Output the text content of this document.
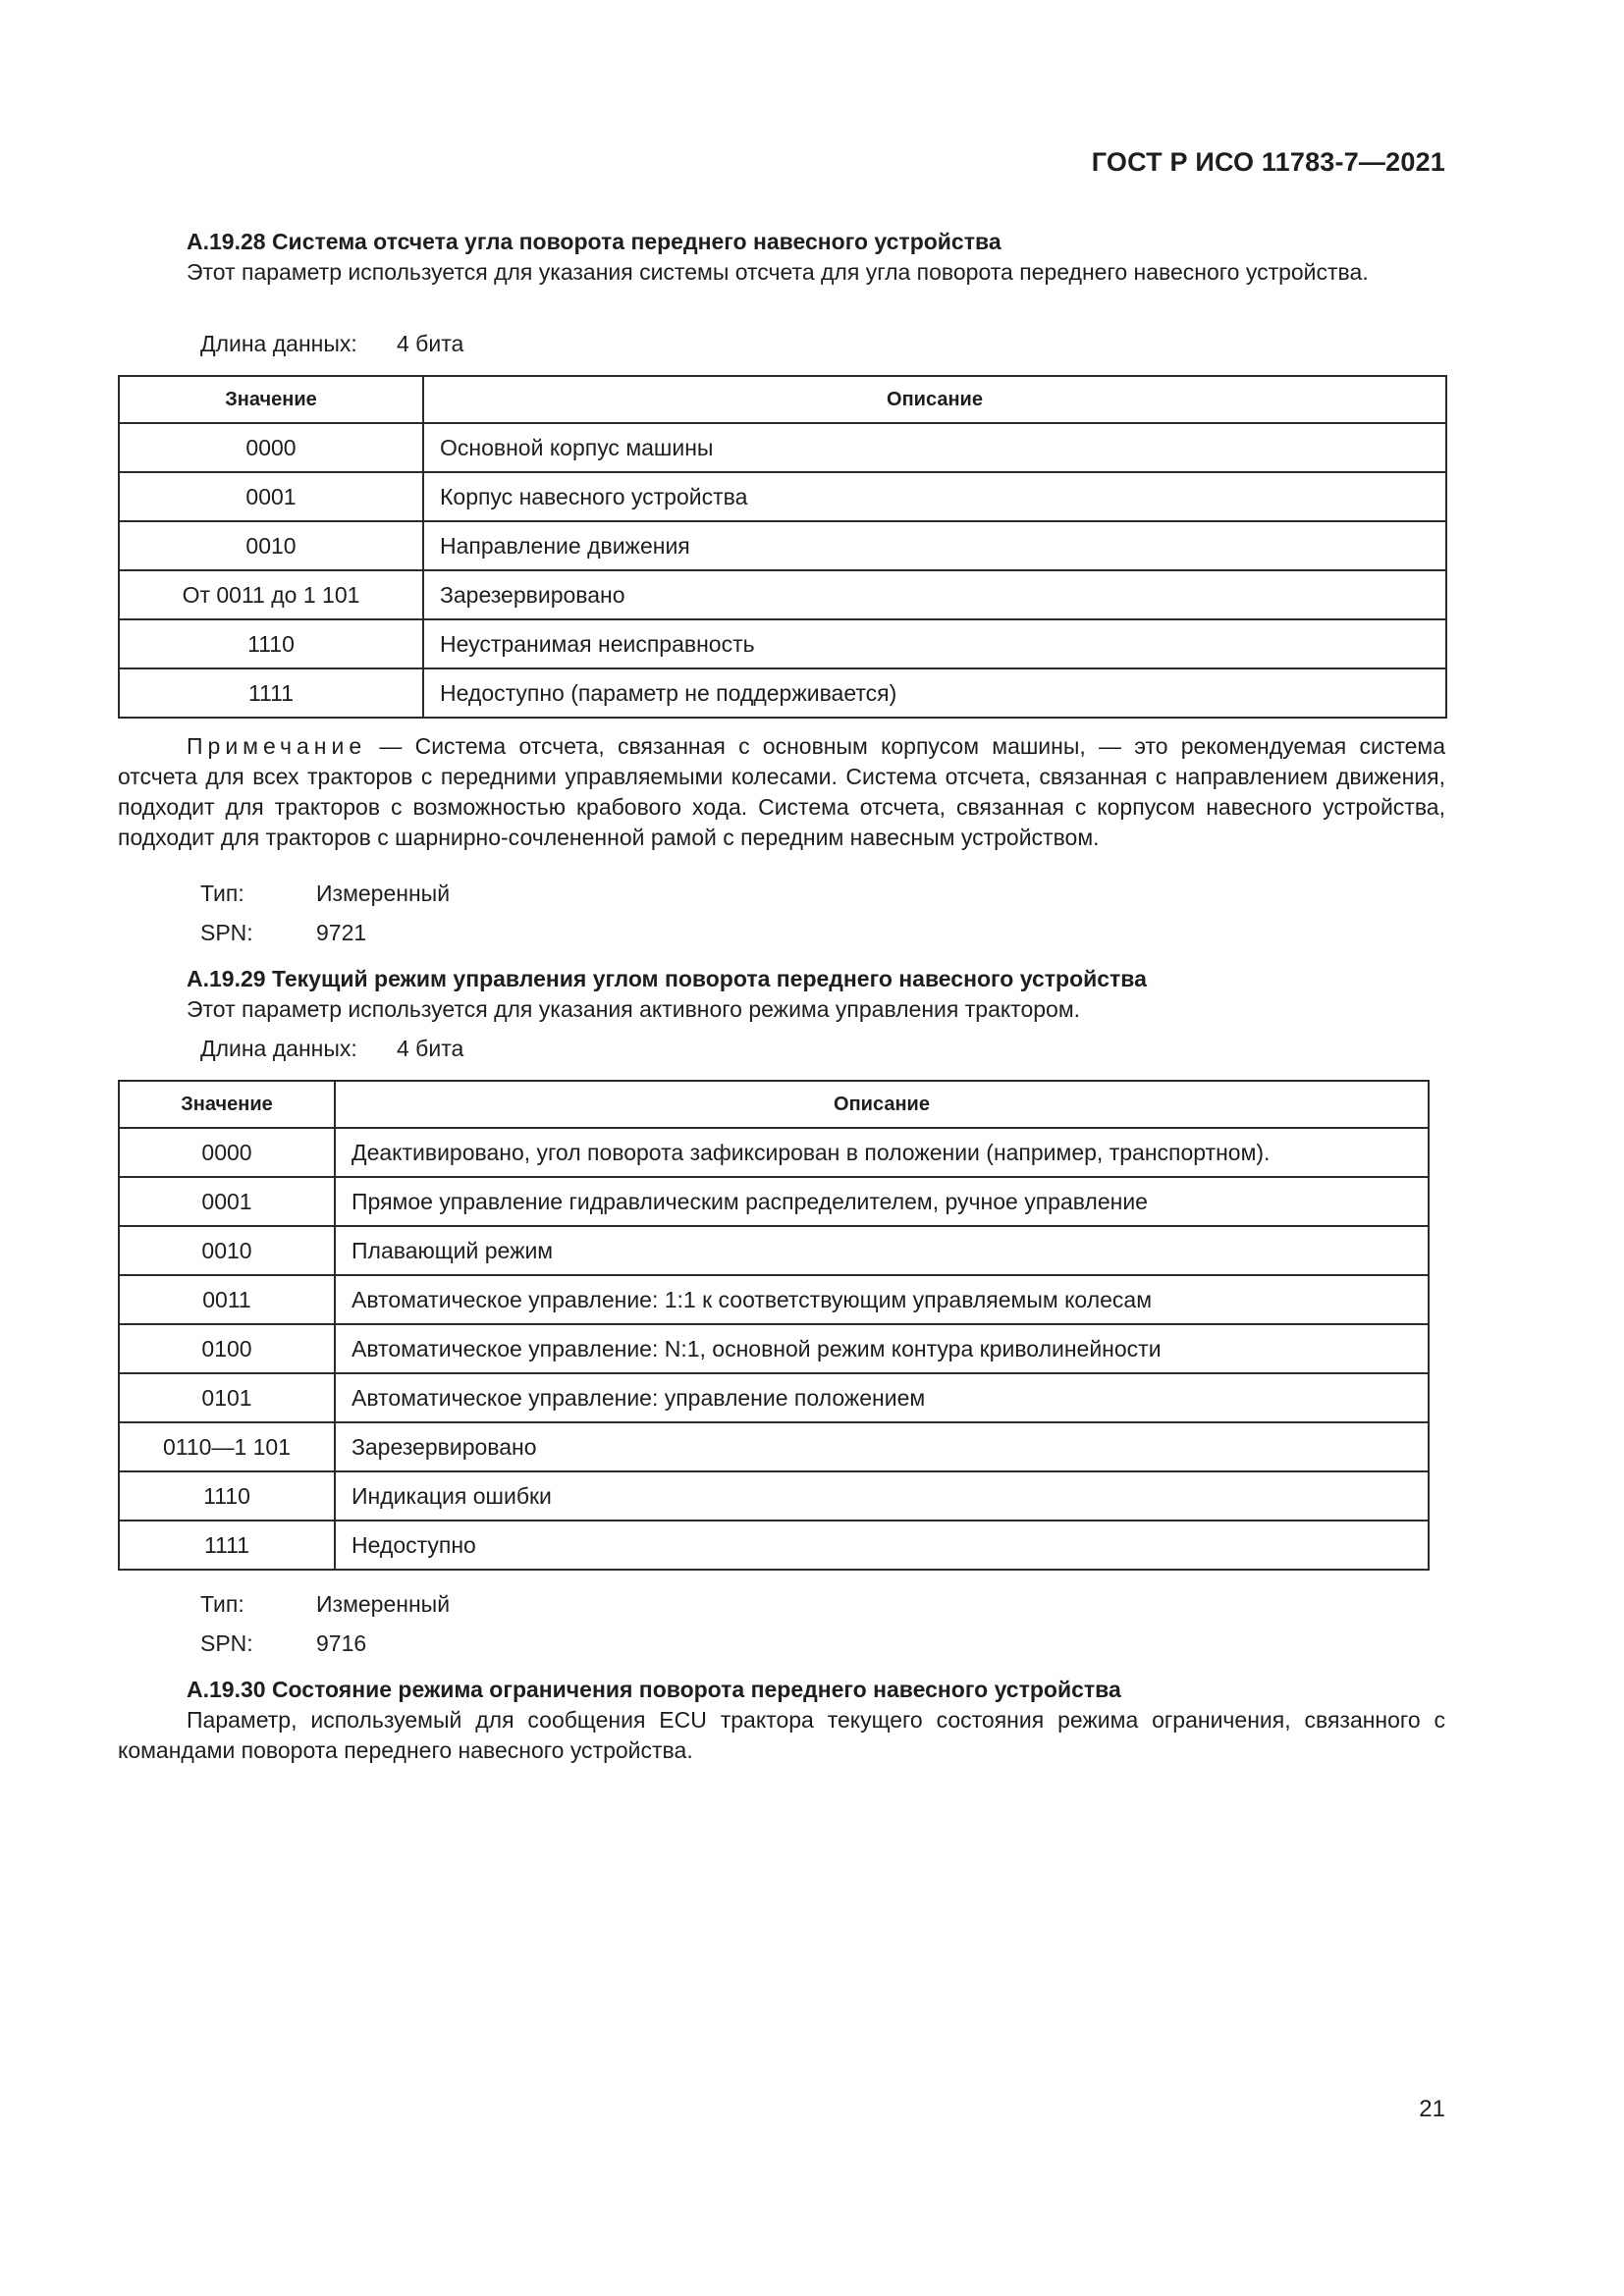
ГОСТ Р ИСО 11783-7—2021
А.19.28 Система отсчета угла поворота переднего навесного устройства

Этот параметр используется для указания системы отсчета для угла поворота переднего навесного устройства.

Длина данных: 4 бита
Значение	Описание
0000	Основной корпус машины
0001	Корпус навесного устройства
0010	Направление движения
От 0011 до 1 101	Зарезервировано
1110	Неустранимая неисправность
1111	Недоступно (параметр не поддерживается)

Примечание — Система отсчета, связанная с основным корпусом машины, — это рекомендуемая система отсчета для всех тракторов с передними управляемыми колесами. Система отсчета, связанная с направлением движения, подходит для тракторов с возможностью крабового хода. Система отсчета, связанная с корпусом навесного устройства, подходит для тракторов с шарнирно-сочлененной рамой с передним навесным устройством.

Тип:	Измеренный
SPN:	9721
А.19.29 Текущий режим управления углом поворота переднего навесного устройства

Этот параметр используется для указания активного режима управления трактором.

Длина данных: 4 бита
Значение	Описание
0000	Деактивировано, угол поворота зафиксирован в положении (например, транспортном).
0001	Прямое управление гидравлическим распределителем, ручное управление
0010	Плавающий режим
0011	Автоматическое управление: 1:1 к соответствующим управляемым колесам
0100	Автоматическое управление: N:1, основной режим контура криволинейности
0101	Автоматическое управление: управление положением
0110—1 101	Зарезервировано
1110	Индикация ошибки
1111	Недоступно
Тип:	Измеренный
SPN:	9716
А.19.30 Состояние режима ограничения поворота переднего навесного устройства

Параметр, используемый для сообщения ECU трактора текущего состояния режима ограничения, связанного с командами поворота переднего навесного устройства.

21
